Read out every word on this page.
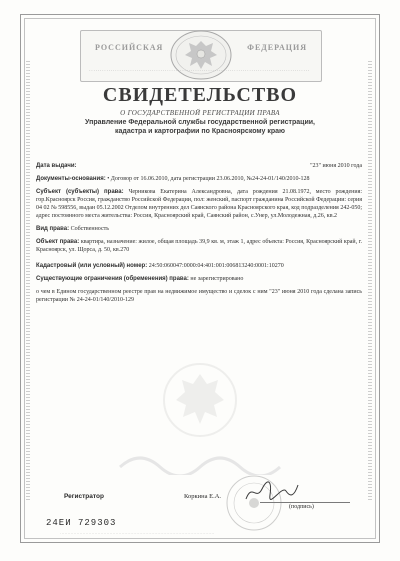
РОССИЙСКАЯ	ФЕДЕРАЦИЯ
······································································································
СВИДЕТЕЛЬСТВО
О ГОСУДАРСТВЕННОЙ РЕГИСТРАЦИИ ПРАВА
Управление Федеральной службы государственной регистрации, кадастра и картографии по Красноярскому краю
Дата выдачи:	"23" июня 2010 года
Документы-основания: • Договор от 16.06.2010, дата регистрации 23.06.2010, №24-24-01/140/2010-128
Субъект (субъекты) права: Черникова Екатерина Александровна, дата рождения 21.08.1972, место рождения: гор.Красноярск Россия, гражданство Российской Федерации, пол: женский, паспорт гражданина Российской Федерации: серия 04 02 № 598556, выдан 05.12.2002 Отделом внутренних дел Саянского района Красноярского края, код подразделения 242-050; адрес постоянного места жительства: Россия, Красноярский край, Саянский район, с.Унер, ул.Молодежная, д.26, кв.2
Вид права: Собственность
Объект права: квартира, назначение: жилое, общая площадь 39,9 кв. м, этаж 1, адрес объекта: Россия, Красноярский край, г. Красноярск, ул. Щорса, д. 50, кв.270
Кадастровый (или условный) номер: 24:50:060047:0000:04:401:001:006813240:0001:10270
Существующие ограничения (обременения) права: не зарегистрировано
о чем в Едином государственном реестре прав на недвижимое имущество и сделок с ним "23" июня 2010 года сделана запись регистрации № 24-24-01/140/2010-129
Регистратор	Коркина Е.А.
(подпись)
24ЕИ 729303
·······································································································
